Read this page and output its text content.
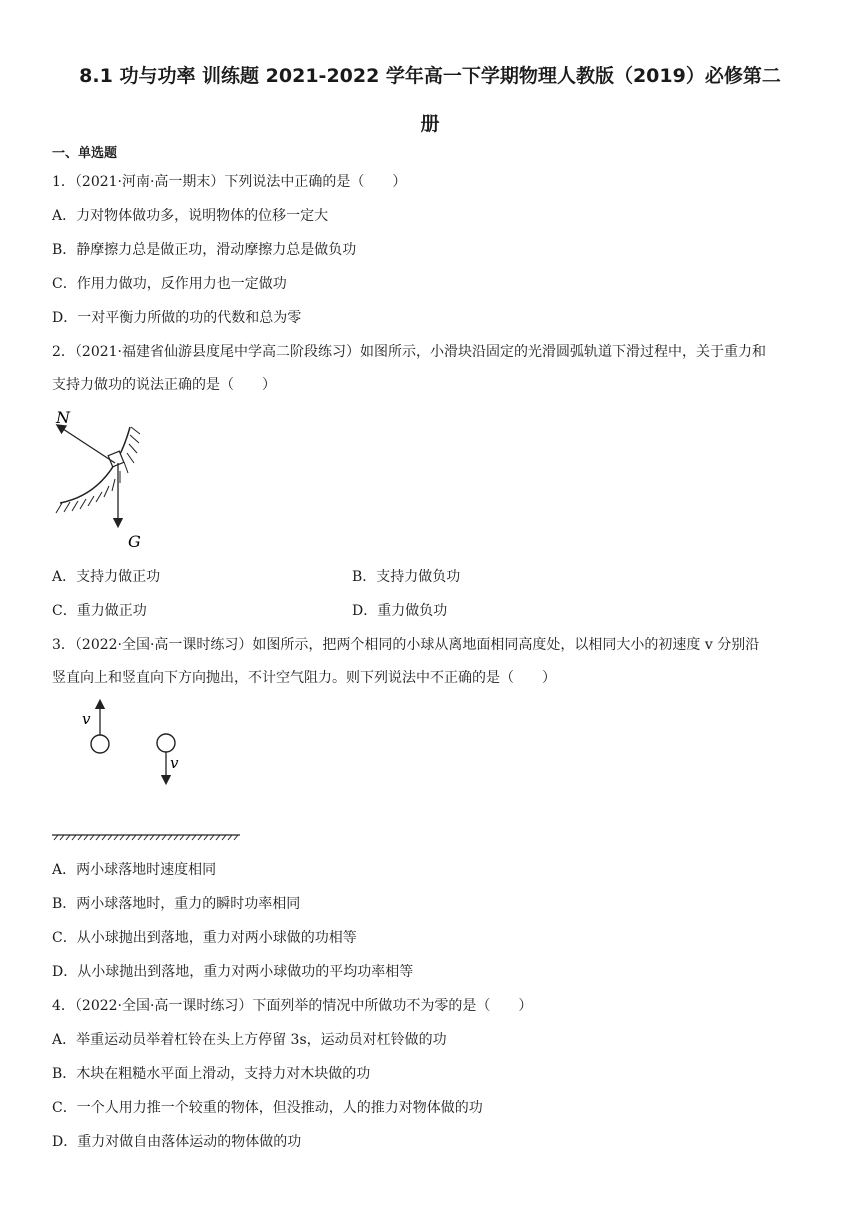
8.1 功与功率 训练题 2021-2022 学年高一下学期物理人教版（2019）必修第二
册
一、单选题
1．（2021·河南·高一期末）下列说法中正确的是（　　）
A．力对物体做功多，说明物体的位移一定大
B．静摩擦力总是做正功，滑动摩擦力总是做负功
C．作用力做功，反作用力也一定做功
D．一对平衡力所做的功的代数和总为零
2．（2021·福建省仙游县度尾中学高二阶段练习）如图所示，小滑块沿固定的光滑圆弧轨道下滑过程中，关于重力和
支持力做功的说法正确的是（　　）
N
G
A．支持力做正功	B．支持力做负功
C．重力做正功	D．重力做负功
3．（2022·全国·高一课时练习）如图所示，把两个相同的小球从离地面相同高度处，以相同大小的初速度 v 分别沿
竖直向上和竖直向下方向抛出，不计空气阻力。则下列说法中不正确的是（　　）
v
v
A．两小球落地时速度相同
B．两小球落地时，重力的瞬时功率相同
C．从小球抛出到落地，重力对两小球做的功相等
D．从小球抛出到落地，重力对两小球做功的平均功率相等
4．（2022·全国·高一课时练习）下面列举的情况中所做功不为零的是（　　）
A．举重运动员举着杠铃在头上方停留 3s，运动员对杠铃做的功
B．木块在粗糙水平面上滑动，支持力对木块做的功
C．一个人用力推一个较重的物体，但没推动，人的推力对物体做的功
D．重力对做自由落体运动的物体做的功
